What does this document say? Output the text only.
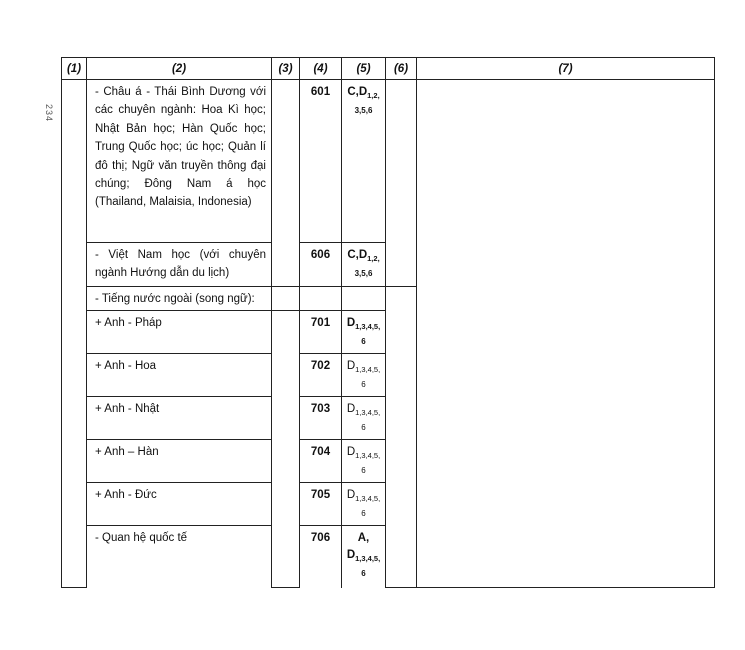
234
(1)	(2)	(3)	(4)	(5)	(6)	(7)
	- Châu á - Thái Bình Dương với các chuyên ngành: Hoa Kì học; Nhật Bản học; Hàn Quốc học; Trung Quốc học; úc học; Quản lí đô thị; Ngữ văn truyền thông đại chúng; Đông Nam á học (Thailand, Malaisia, Indonesia)		601	$C,D_{1,2,}$
3,5,6		

	- Việt Nam học (với chuyên ngành Hướng dẫn du lịch)		606	$C,D_{1,2,}$
3,5,6		

	- Tiếng nước ngoài (song ngữ):					
	+ Anh - Pháp		701	$D_{1,3,4,5,}$
6		

	+ Anh - Hoa		702	$D_{1,3,4,5,}$
6		

	+ Anh - Nhật		703	$D_{1,3,4,5,}$
6		

	+ Anh – Hàn		704	$D_{1,3,4,5,}$
6		

	+ Anh - Đức		705	$D_{1,3,4,5,}$
6		

	- Quan hệ quốc tế		706	A,
$D_{1,3,4,5,}$
6		
